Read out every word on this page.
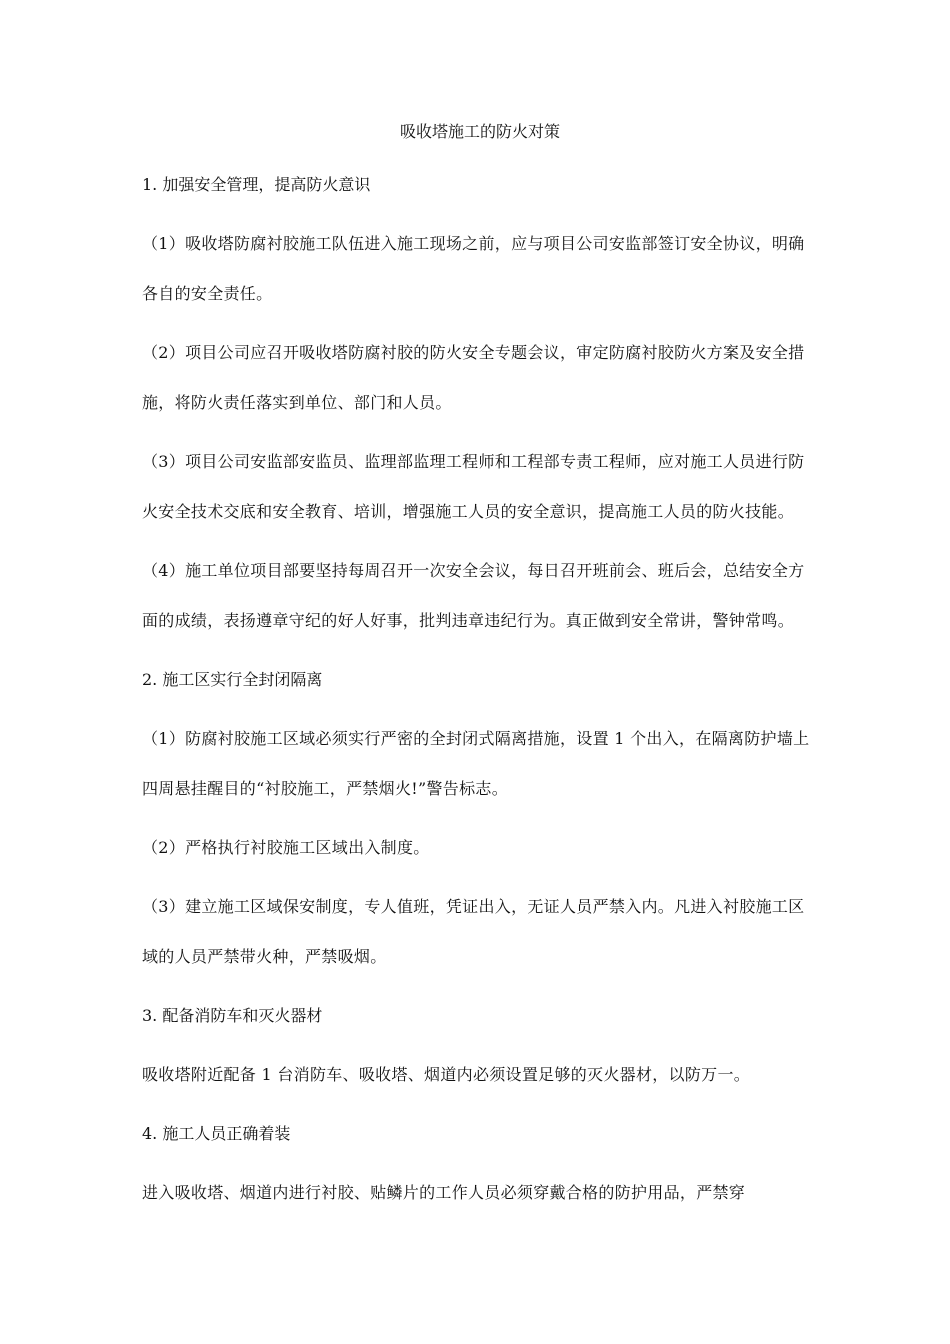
吸收塔施工的防火对策
1. 加强安全管理，提高防火意识
（1）吸收塔防腐衬胶施工队伍进入施工现场之前，应与项目公司安监部签订安全协议，明确各自的安全责任。
（2）项目公司应召开吸收塔防腐衬胶的防火安全专题会议，审定防腐衬胶防火方案及安全措施，将防火责任落实到单位、部门和人员。
（3）项目公司安监部安监员、监理部监理工程师和工程部专责工程师，应对施工人员进行防火安全技术交底和安全教育、培训，增强施工人员的安全意识，提高施工人员的防火技能。
（4）施工单位项目部要坚持每周召开一次安全会议，每日召开班前会、班后会，总结安全方面的成绩，表扬遵章守纪的好人好事，批判违章违纪行为。真正做到安全常讲，警钟常鸣。
2. 施工区实行全封闭隔离
（1）防腐衬胶施工区域必须实行严密的全封闭式隔离措施，设置 1 个出入，在隔离防护墙上四周悬挂醒目的“衬胶施工，严禁烟火!”警告标志。
（2）严格执行衬胶施工区域出入制度。
（3）建立施工区域保安制度，专人值班，凭证出入，无证人员严禁入内。凡进入衬胶施工区域的人员严禁带火种，严禁吸烟。
3. 配备消防车和灭火器材
吸收塔附近配备 1 台消防车、吸收塔、烟道内必须设置足够的灭火器材，以防万一。
4. 施工人员正确着装
进入吸收塔、烟道内进行衬胶、贴鳞片的工作人员必须穿戴合格的防护用品，严禁穿
